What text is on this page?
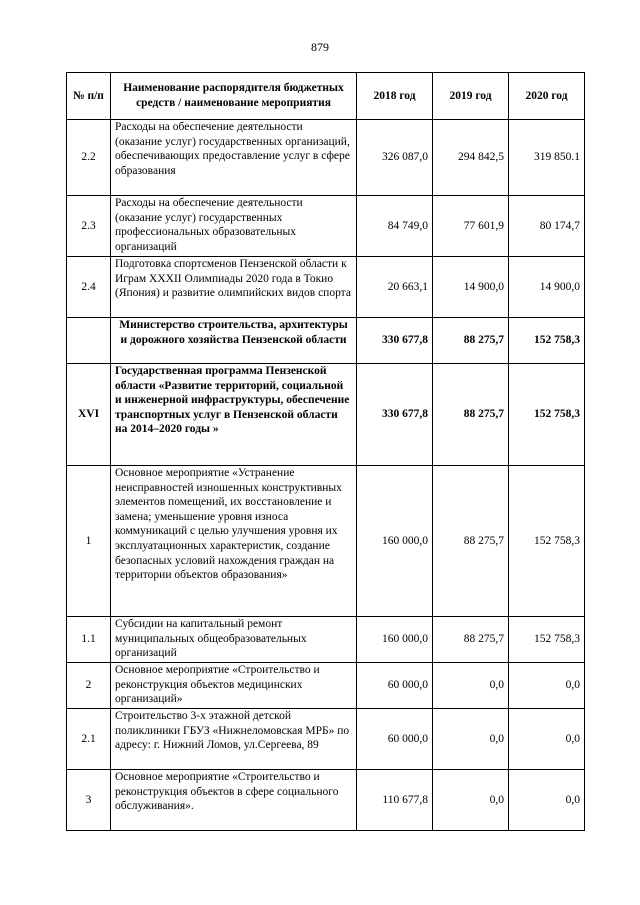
879
№ п/п	Наименование распорядителя бюджетных средств / наименование мероприятия	2018 год	2019 год	2020 год
2.2	Расходы на обеспечение деятельности (оказание услуг) государственных организаций, обеспечивающих предоставление услуг в сфере образования	326 087,0	294 842,5	319 850.1
2.3	Расходы на обеспечение деятельности (оказание услуг) государственных профессиональных образовательных организаций	84 749,0	77 601,9	80 174,7
2.4	Подготовка спортсменов Пензенской области к Играм XXXII Олимпиады 2020 года в Токио (Япония) и развитие олимпийских видов спорта	20 663,1	14 900,0	14 900,0
	Министерство строительства, архитектуры и дорожного хозяйства Пензенской области	330 677,8	88 275,7	152 758,3
XVI	Государственная программа Пензенской области «Развитие территорий, социальной и инженерной инфраструктуры, обеспечение транспортных услуг в Пензенской области на 2014–2020 годы »	330 677,8	88 275,7	152 758,3
1	Основное мероприятие «Устранение неисправностей изношенных конструктивных элементов помещений, их восстановление и замена; уменьшение уровня износа коммуникаций с целью улучшения уровня их эксплуатационных характеристик, создание безопасных условий нахождения граждан на территории объектов образования»	160 000,0	88 275,7	152 758,3
1.1	Субсидии на капитальный ремонт муниципальных общеобразовательных организаций	160 000,0	88 275,7	152 758,3
2	Основное мероприятие «Строительство и реконструкция объектов медицинских организаций»	60 000,0	0,0	0,0
2.1	Строительство 3-х этажной детской поликлиники ГБУЗ «Нижнеломовская МРБ» по адресу: г. Нижний Ломов, ул.Сергеева, 89	60 000,0	0,0	0,0
3	Основное мероприятие «Строительство и реконструкция объектов в сфере социального обслуживания».	110 677,8	0,0	0,0
